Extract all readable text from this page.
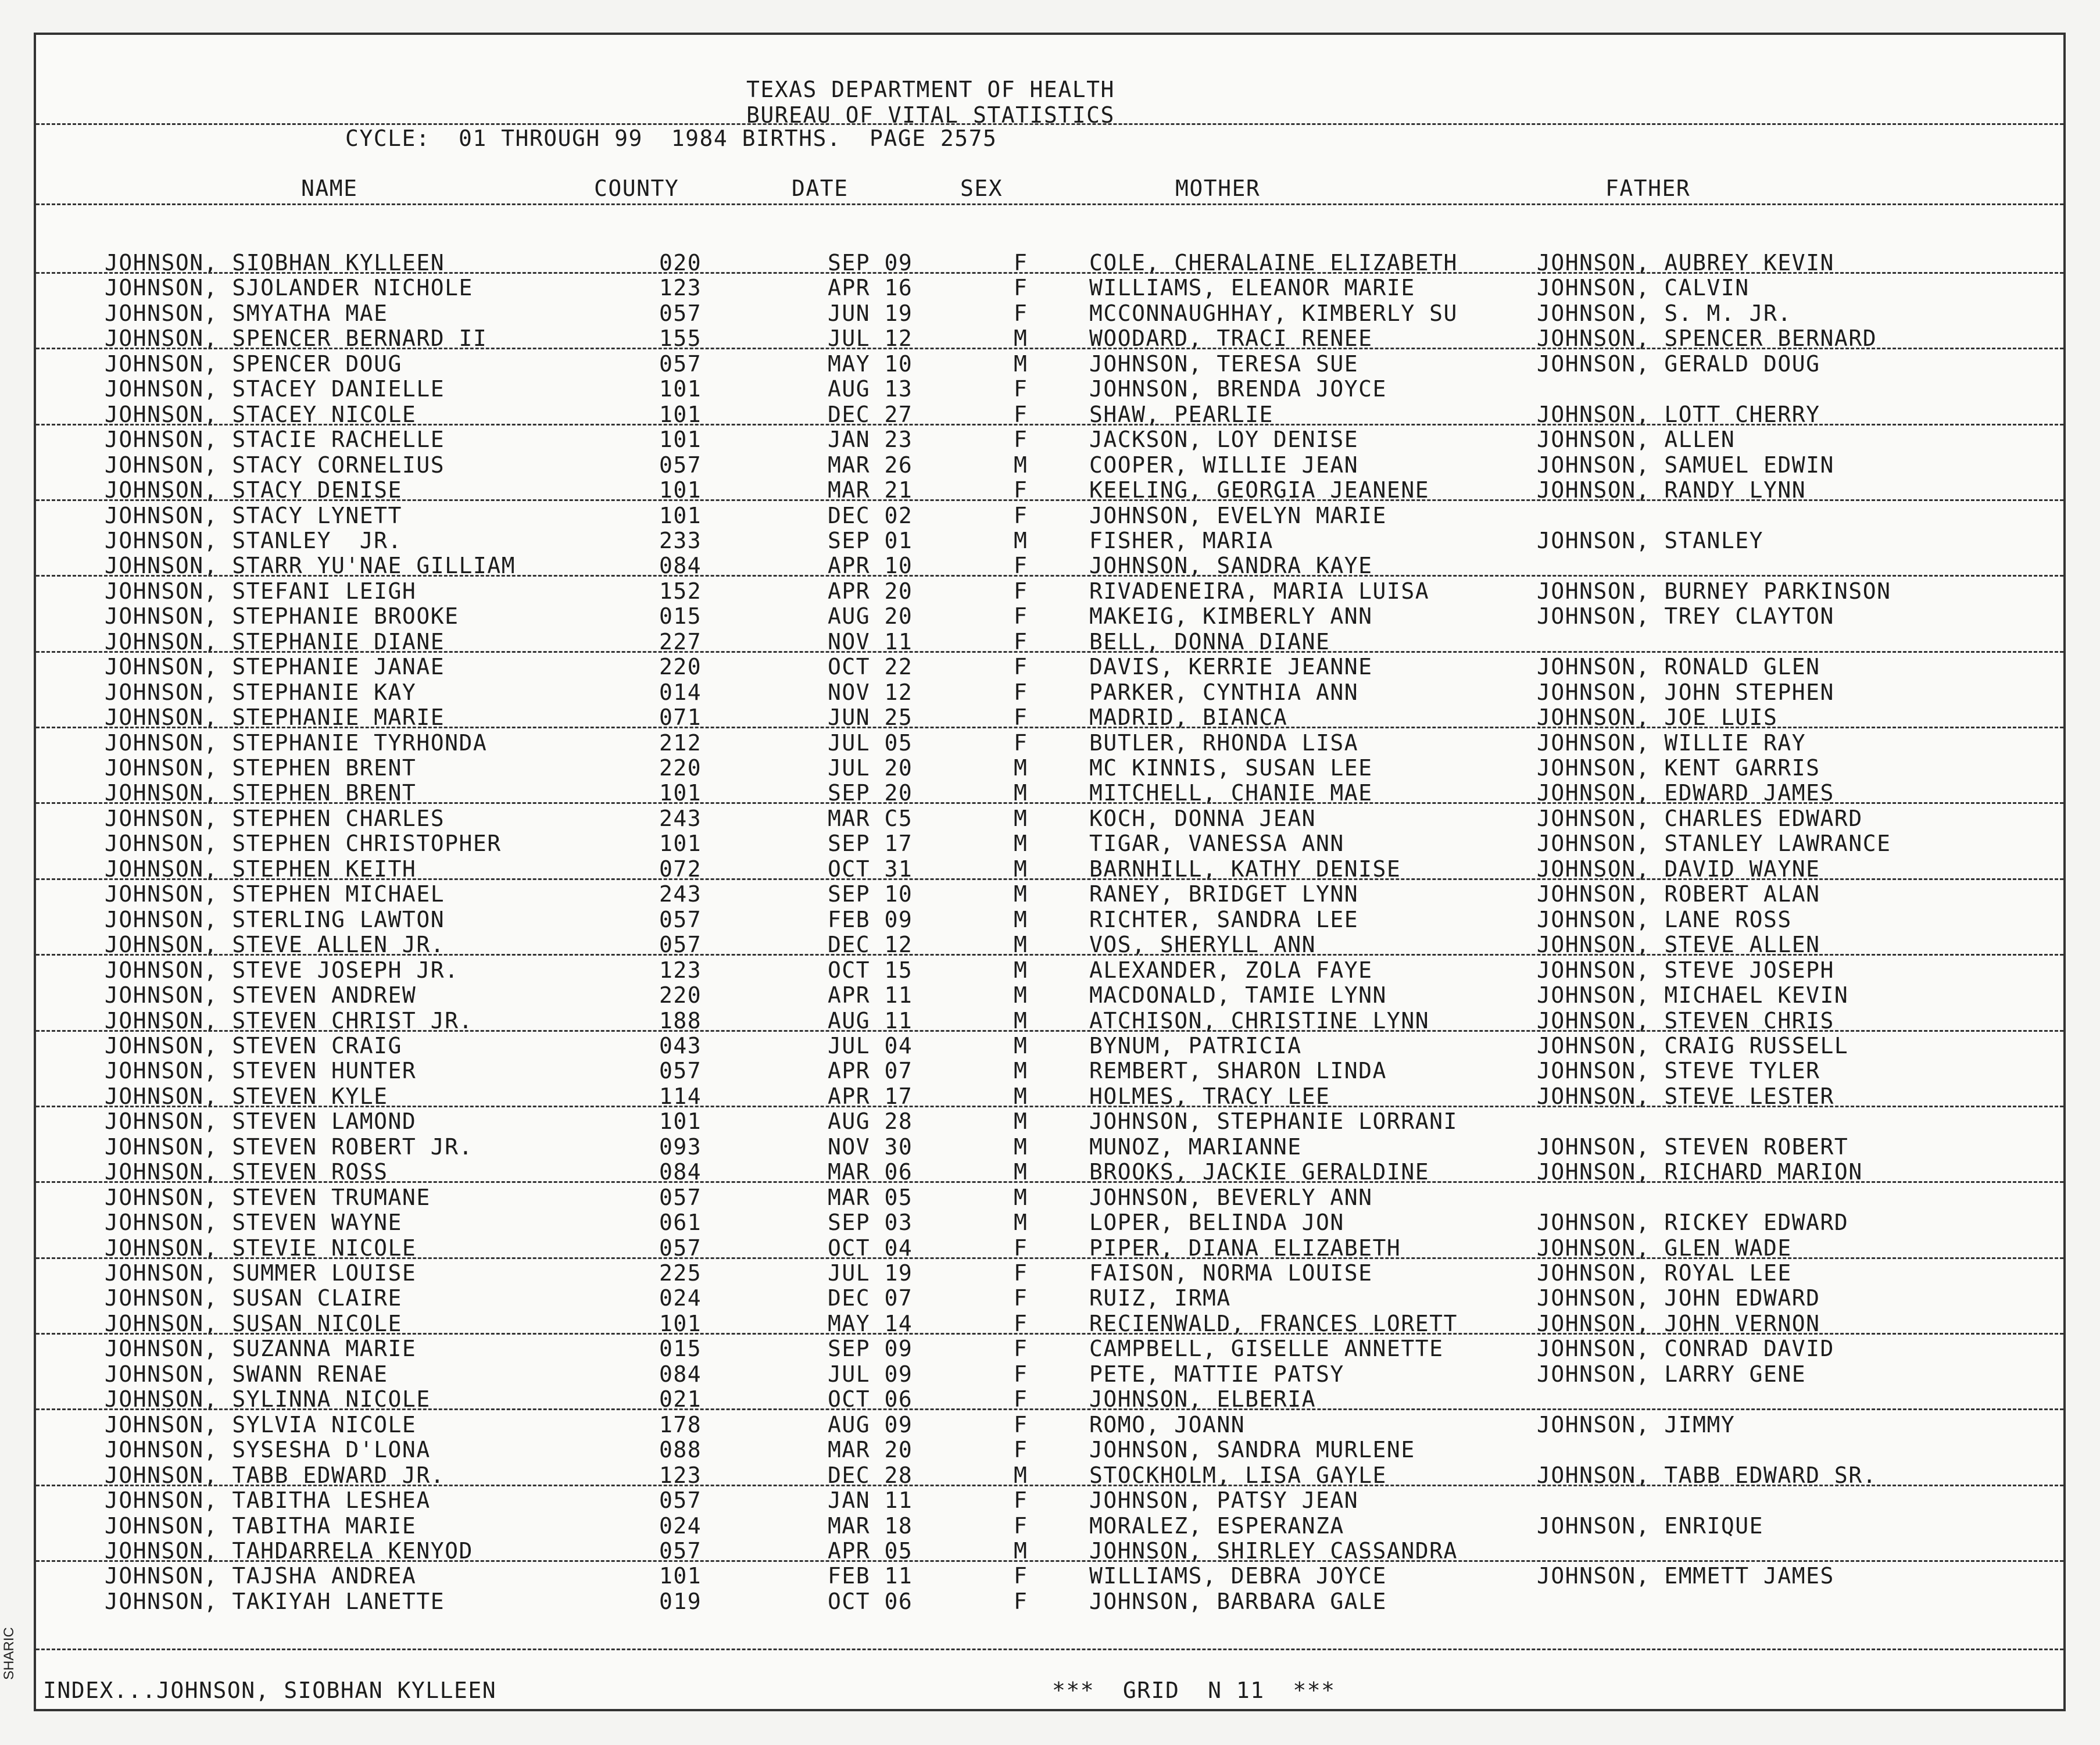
TEXAS DEPARTMENT OF HEALTH
BUREAU OF VITAL STATISTICS
CYCLE:  01 THROUGH 99  1984 BIRTHS.  PAGE 2575
NAME	COUNTY	DATE	SEX	MOTHER	FATHER
JOHNSON, SIOBHAN KYLLEEN	020	SEP 09	F	COLE, CHERALAINE ELIZABETH	JOHNSON, AUBREY KEVIN
JOHNSON, SJOLANDER NICHOLE	123	APR 16	F	WILLIAMS, ELEANOR MARIE	JOHNSON, CALVIN
JOHNSON, SMYATHA MAE	057	JUN 19	F	MCCONNAUGHHAY, KIMBERLY SU	JOHNSON, S. M. JR.
JOHNSON, SPENCER BERNARD II	155	JUL 12	M	WOODARD, TRACI RENEE	JOHNSON, SPENCER BERNARD
JOHNSON, SPENCER DOUG	057	MAY 10	M	JOHNSON, TERESA SUE	JOHNSON, GERALD DOUG
JOHNSON, STACEY DANIELLE	101	AUG 13	F	JOHNSON, BRENDA JOYCE
JOHNSON, STACEY NICOLE	101	DEC 27	F	SHAW, PEARLIE	JOHNSON, LOTT CHERRY
JOHNSON, STACIE RACHELLE	101	JAN 23	F	JACKSON, LOY DENISE	JOHNSON, ALLEN
JOHNSON, STACY CORNELIUS	057	MAR 26	M	COOPER, WILLIE JEAN	JOHNSON, SAMUEL EDWIN
JOHNSON, STACY DENISE	101	MAR 21	F	KEELING, GEORGIA JEANENE	JOHNSON, RANDY LYNN
JOHNSON, STACY LYNETT	101	DEC 02	F	JOHNSON, EVELYN MARIE
JOHNSON, STANLEY  JR.	233	SEP 01	M	FISHER, MARIA	JOHNSON, STANLEY
JOHNSON, STARR YU'NAE GILLIAM	084	APR 10	F	JOHNSON, SANDRA KAYE
JOHNSON, STEFANI LEIGH	152	APR 20	F	RIVADENEIRA, MARIA LUISA	JOHNSON, BURNEY PARKINSON
JOHNSON, STEPHANIE BROOKE	015	AUG 20	F	MAKEIG, KIMBERLY ANN	JOHNSON, TREY CLAYTON
JOHNSON, STEPHANIE DIANE	227	NOV 11	F	BELL, DONNA DIANE
JOHNSON, STEPHANIE JANAE	220	OCT 22	F	DAVIS, KERRIE JEANNE	JOHNSON, RONALD GLEN
JOHNSON, STEPHANIE KAY	014	NOV 12	F	PARKER, CYNTHIA ANN	JOHNSON, JOHN STEPHEN
JOHNSON, STEPHANIE MARIE	071	JUN 25	F	MADRID, BIANCA	JOHNSON, JOE LUIS
JOHNSON, STEPHANIE TYRHONDA	212	JUL 05	F	BUTLER, RHONDA LISA	JOHNSON, WILLIE RAY
JOHNSON, STEPHEN BRENT	220	JUL 20	M	MC KINNIS, SUSAN LEE	JOHNSON, KENT GARRIS
JOHNSON, STEPHEN BRENT	101	SEP 20	M	MITCHELL, CHANIE MAE	JOHNSON, EDWARD JAMES
JOHNSON, STEPHEN CHARLES	243	MAR C5	M	KOCH, DONNA JEAN	JOHNSON, CHARLES EDWARD
JOHNSON, STEPHEN CHRISTOPHER	101	SEP 17	M	TIGAR, VANESSA ANN	JOHNSON, STANLEY LAWRANCE
JOHNSON, STEPHEN KEITH	072	OCT 31	M	BARNHILL, KATHY DENISE	JOHNSON, DAVID WAYNE
JOHNSON, STEPHEN MICHAEL	243	SEP 10	M	RANEY, BRIDGET LYNN	JOHNSON, ROBERT ALAN
JOHNSON, STERLING LAWTON	057	FEB 09	M	RICHTER, SANDRA LEE	JOHNSON, LANE ROSS
JOHNSON, STEVE ALLEN JR.	057	DEC 12	M	VOS, SHERYLL ANN	JOHNSON, STEVE ALLEN
JOHNSON, STEVE JOSEPH JR.	123	OCT 15	M	ALEXANDER, ZOLA FAYE	JOHNSON, STEVE JOSEPH
JOHNSON, STEVEN ANDREW	220	APR 11	M	MACDONALD, TAMIE LYNN	JOHNSON, MICHAEL KEVIN
JOHNSON, STEVEN CHRIST JR.	188	AUG 11	M	ATCHISON, CHRISTINE LYNN	JOHNSON, STEVEN CHRIS
JOHNSON, STEVEN CRAIG	043	JUL 04	M	BYNUM, PATRICIA	JOHNSON, CRAIG RUSSELL
JOHNSON, STEVEN HUNTER	057	APR 07	M	REMBERT, SHARON LINDA	JOHNSON, STEVE TYLER
JOHNSON, STEVEN KYLE	114	APR 17	M	HOLMES, TRACY LEE	JOHNSON, STEVE LESTER
JOHNSON, STEVEN LAMOND	101	AUG 28	M	JOHNSON, STEPHANIE LORRANI
JOHNSON, STEVEN ROBERT JR.	093	NOV 30	M	MUNOZ, MARIANNE	JOHNSON, STEVEN ROBERT
JOHNSON, STEVEN ROSS	084	MAR 06	M	BROOKS, JACKIE GERALDINE	JOHNSON, RICHARD MARION
JOHNSON, STEVEN TRUMANE	057	MAR 05	M	JOHNSON, BEVERLY ANN
JOHNSON, STEVEN WAYNE	061	SEP 03	M	LOPER, BELINDA JON	JOHNSON, RICKEY EDWARD
JOHNSON, STEVIE NICOLE	057	OCT 04	F	PIPER, DIANA ELIZABETH	JOHNSON, GLEN WADE
JOHNSON, SUMMER LOUISE	225	JUL 19	F	FAISON, NORMA LOUISE	JOHNSON, ROYAL LEE
JOHNSON, SUSAN CLAIRE	024	DEC 07	F	RUIZ, IRMA	JOHNSON, JOHN EDWARD
JOHNSON, SUSAN NICOLE	101	MAY 14	F	RECIENWALD, FRANCES LORETT	JOHNSON, JOHN VERNON
JOHNSON, SUZANNA MARIE	015	SEP 09	F	CAMPBELL, GISELLE ANNETTE	JOHNSON, CONRAD DAVID
JOHNSON, SWANN RENAE	084	JUL 09	F	PETE, MATTIE PATSY	JOHNSON, LARRY GENE
JOHNSON, SYLINNA NICOLE	021	OCT 06	F	JOHNSON, ELBERIA
JOHNSON, SYLVIA NICOLE	178	AUG 09	F	ROMO, JOANN	JOHNSON, JIMMY
JOHNSON, SYSESHA D'LONA	088	MAR 20	F	JOHNSON, SANDRA MURLENE
JOHNSON, TABB EDWARD JR.	123	DEC 28	M	STOCKHOLM, LISA GAYLE	JOHNSON, TABB EDWARD SR.
JOHNSON, TABITHA LESHEA	057	JAN 11	F	JOHNSON, PATSY JEAN
JOHNSON, TABITHA MARIE	024	MAR 18	F	MORALEZ, ESPERANZA	JOHNSON, ENRIQUE
JOHNSON, TAHDARRELA KENYOD	057	APR 05	M	JOHNSON, SHIRLEY CASSANDRA
JOHNSON, TAJSHA ANDREA	101	FEB 11	F	WILLIAMS, DEBRA JOYCE	JOHNSON, EMMETT JAMES
JOHNSON, TAKIYAH LANETTE	019	OCT 06	F	JOHNSON, BARBARA GALE
INDEX...JOHNSON, SIOBHAN KYLLEEN	***  GRID  N 11  ***
SHARIC
